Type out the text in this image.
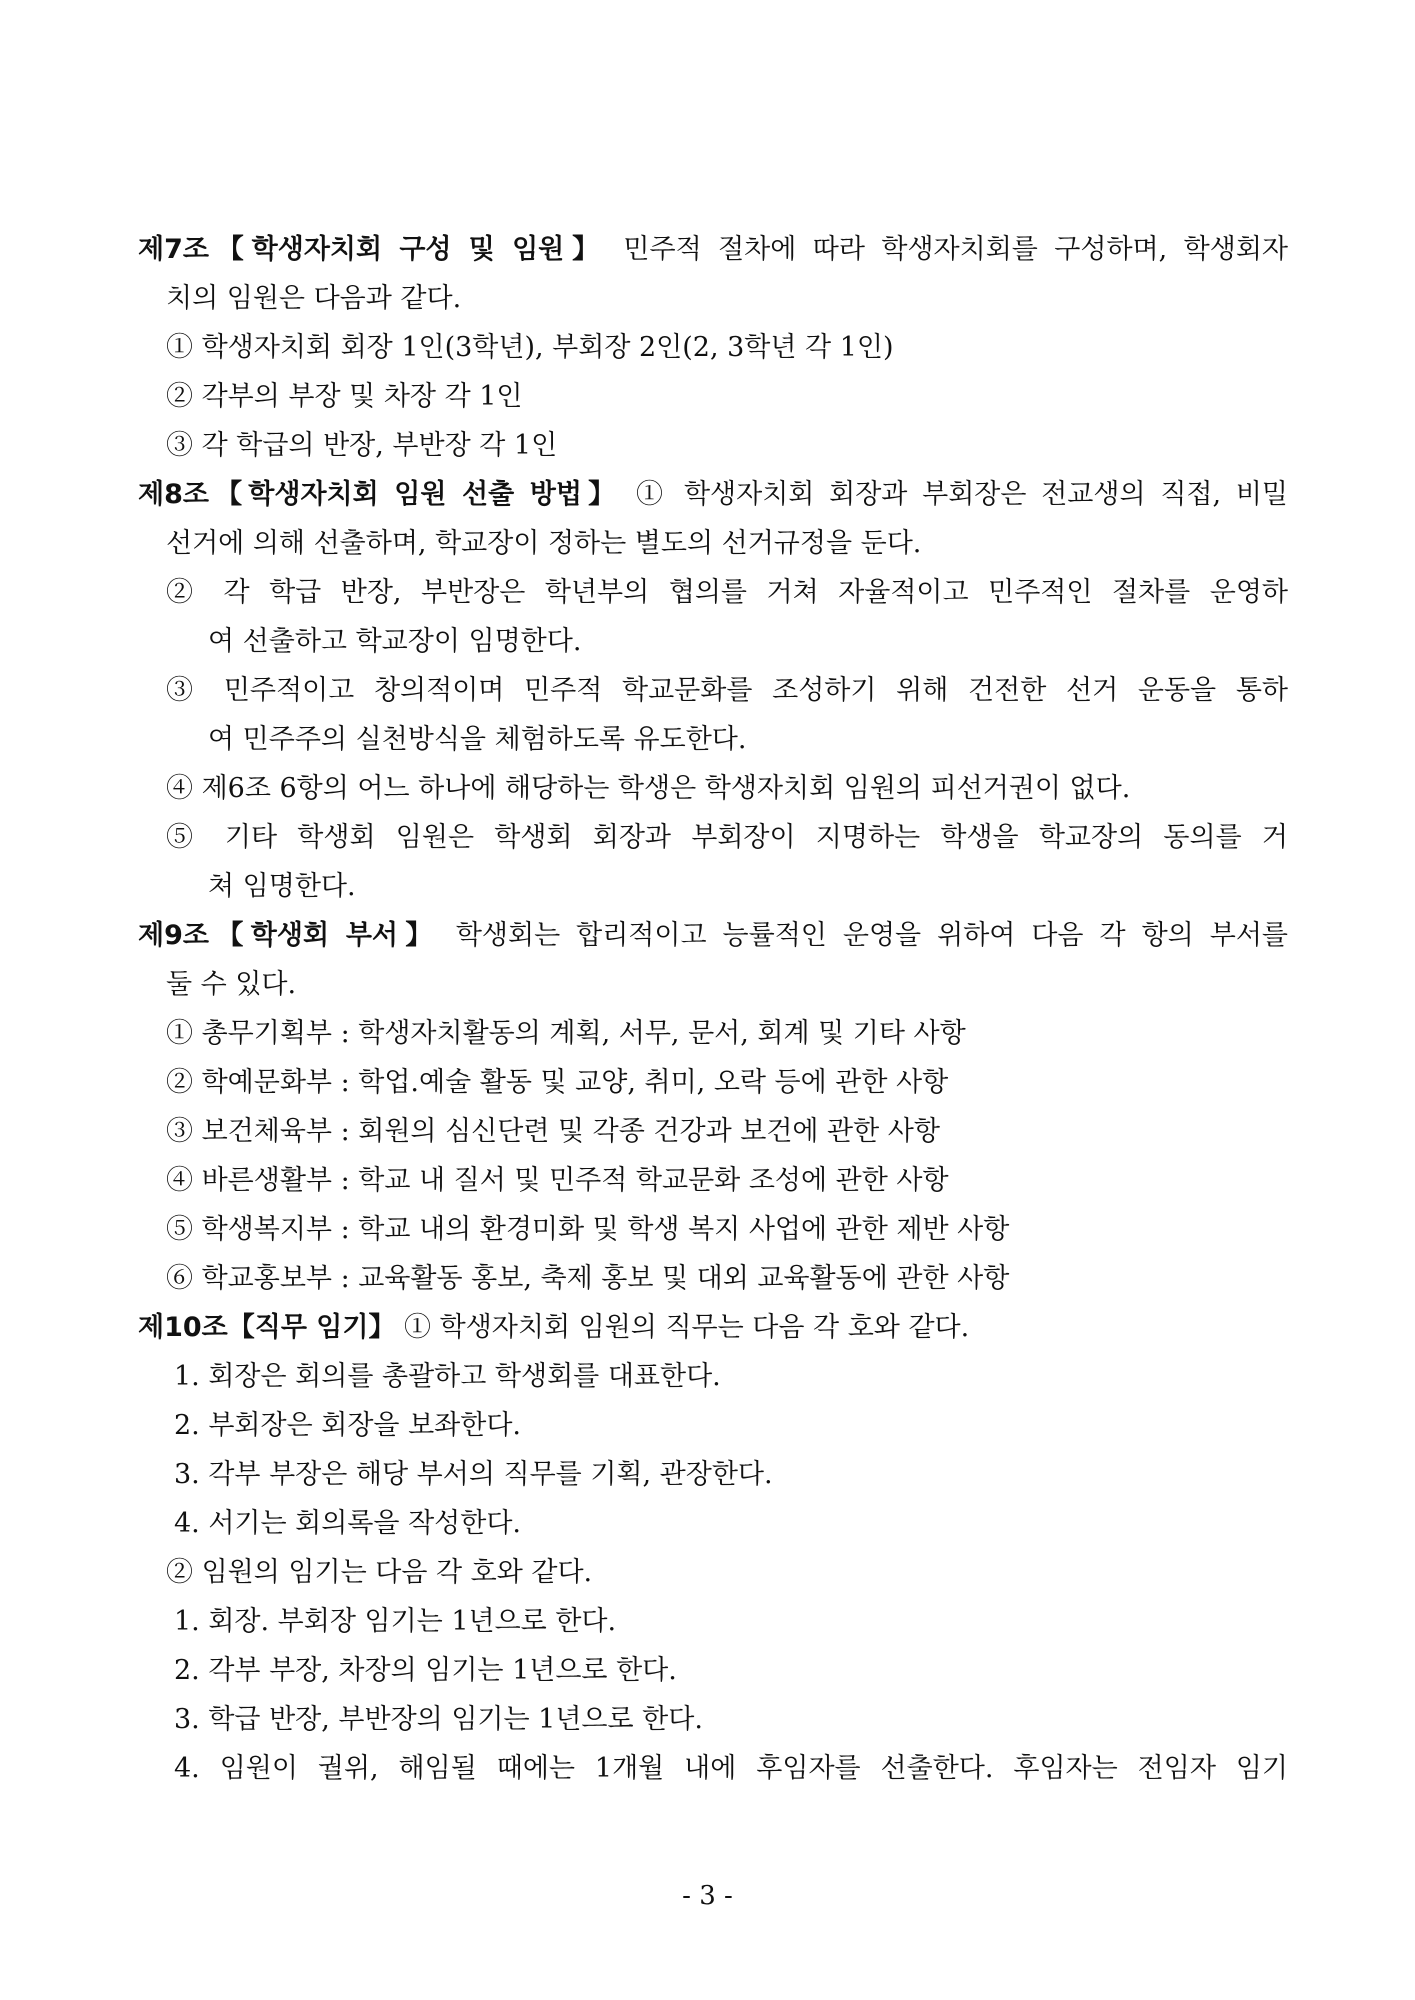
제7조【학생자치회 구성 및 임원】 민주적 절차에 따라 학생자치회를 구성하며, 학생회자
치의 임원은 다음과 같다.
① 학생자치회 회장 1인(3학년), 부회장 2인(2, 3학년 각 1인)
② 각부의 부장 및 차장 각 1인
③ 각 학급의 반장, 부반장 각 1인
제8조【학생자치회 임원 선출 방법】 ① 학생자치회 회장과 부회장은 전교생의 직접, 비밀
선거에 의해 선출하며, 학교장이 정하는 별도의 선거규정을 둔다.
② 각 학급 반장, 부반장은 학년부의 협의를 거쳐 자율적이고 민주적인 절차를 운영하
여 선출하고 학교장이 임명한다.
③ 민주적이고 창의적이며 민주적 학교문화를 조성하기 위해 건전한 선거 운동을 통하
여 민주주의 실천방식을 체험하도록 유도한다.
④ 제6조 6항의 어느 하나에 해당하는 학생은 학생자치회 임원의 피선거권이 없다.
⑤ 기타 학생회 임원은 학생회 회장과 부회장이 지명하는 학생을 학교장의 동의를 거
쳐 임명한다.
제9조【학생회 부서】 학생회는 합리적이고 능률적인 운영을 위하여 다음 각 항의 부서를
둘 수 있다.
① 총무기획부 : 학생자치활동의 계획, 서무, 문서, 회계 및 기타 사항
② 학예문화부 : 학업.예술 활동 및 교양, 취미, 오락 등에 관한 사항
③ 보건체육부 : 회원의 심신단련 및 각종 건강과 보건에 관한 사항
④ 바른생활부 : 학교 내 질서 및 민주적 학교문화 조성에 관한 사항
⑤ 학생복지부 : 학교 내의 환경미화 및 학생 복지 사업에 관한 제반 사항
⑥ 학교홍보부 : 교육활동 홍보, 축제 홍보 및 대외 교육활동에 관한 사항
제10조【직무 임기】 ① 학생자치회 임원의 직무는 다음 각 호와 같다.
1. 회장은 회의를 총괄하고 학생회를 대표한다.
2. 부회장은 회장을 보좌한다.
3. 각부 부장은 해당 부서의 직무를 기획, 관장한다.
4. 서기는 회의록을 작성한다.
② 임원의 임기는 다음 각 호와 같다.
1. 회장. 부회장 임기는 1년으로 한다.
2. 각부 부장, 차장의 임기는 1년으로 한다.
3. 학급 반장, 부반장의 임기는 1년으로 한다.
4. 임원이 궐위, 해임될 때에는 1개월 내에 후임자를 선출한다. 후임자는 전임자 임기
- 3 -
